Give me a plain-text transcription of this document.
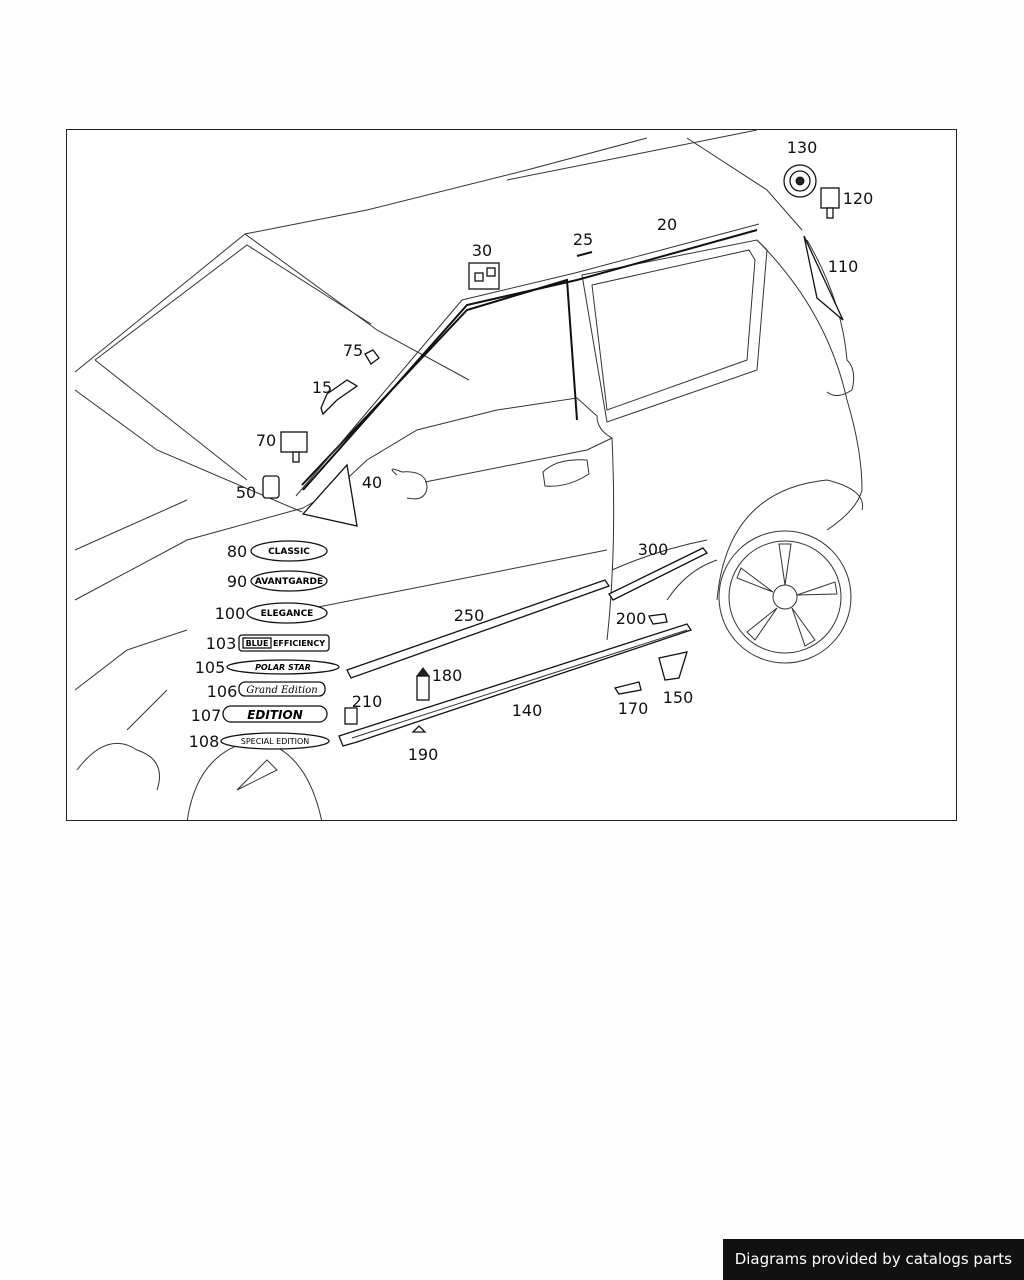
CLASSIC
AVANTGARDE
ELEGANCE
BLUE EFFICIENCY
POLAR STAR
Grand Edition
EDITION
SPECIAL EDITION
130
120
110
20
25
30
75
15
70
50
40
80
90
100
103
105
106
107
108
300
250	200
180
210	140	170
150
190
Diagrams provided by catalogs parts
